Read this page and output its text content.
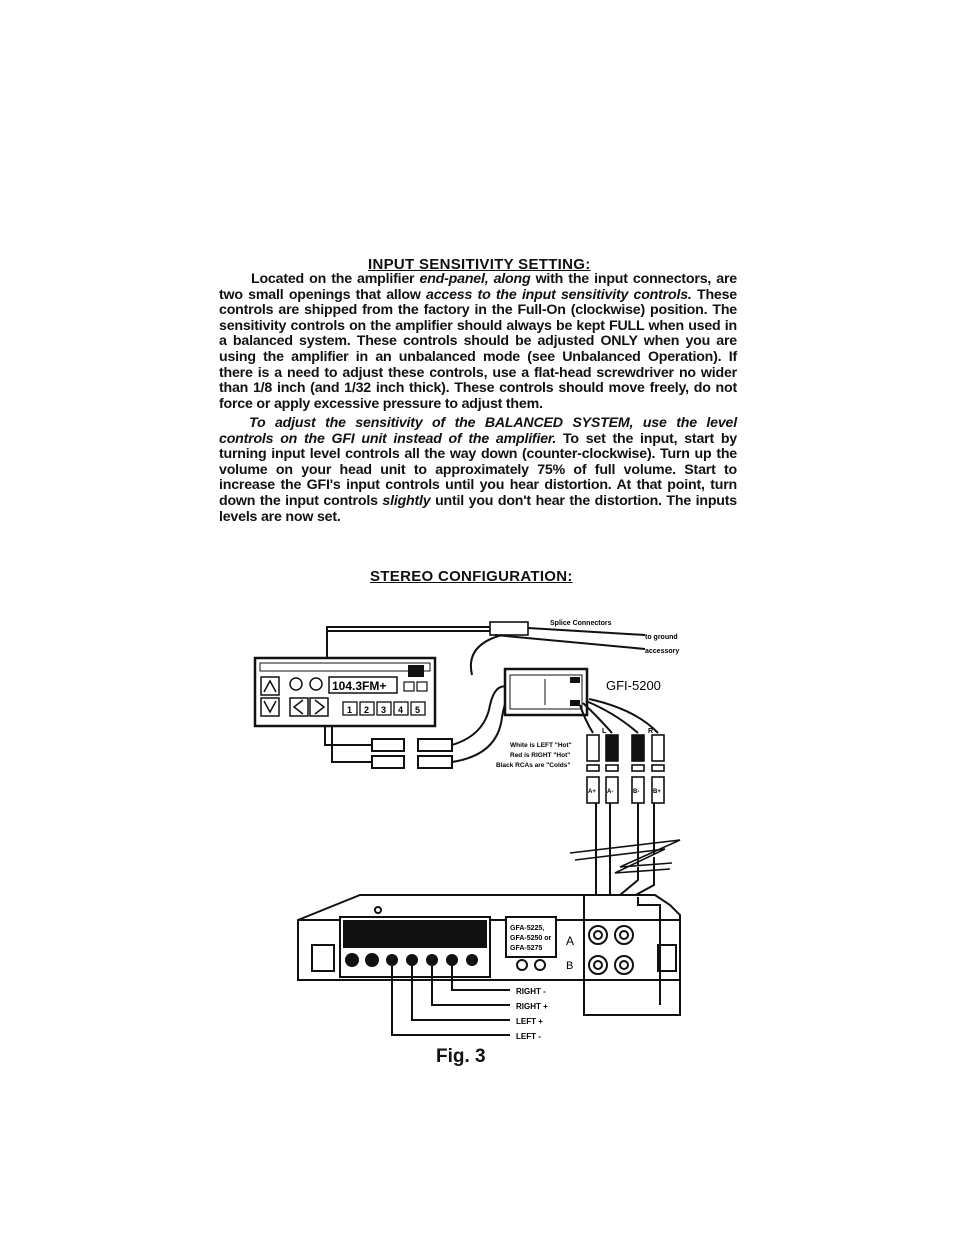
INPUT SENSITIVITY SETTING:
Located on the amplifier end-panel, along with the input connectors, are two small openings that allow access to the input sensitivity controls. These controls are shipped from the factory in the Full-On (clockwise) position. The sensitivity controls on the amplifier should always be kept FULL when used in a balanced system. These controls should be adjusted ONLY when you are using the amplifier in an unbalanced mode (see Unbalanced Operation). If there is a need to adjust these controls, use a flat-head screwdriver no wider than 1/8 inch (and 1/32 inch thick). These controls should move freely, do not force or apply excessive pressure to adjust them.
To adjust the sensitivity of the BALANCED SYSTEM, use the level controls on the GFI unit instead of the amplifier. To set the input, start by turning input level controls all the way down (counter-clockwise). Turn up the volume on your head unit to approximately 75% of full volume. Start to increase the GFI's input controls until you hear distortion. At that point, turn down the input controls slightly until you don't hear the distortion. The inputs levels are now set.
STEREO CONFIGURATION:
Splice Connectors
to ground
accessory
104.3FM+
1 2 3 4 5
GFI-5200
L	R
A+ A-	B- B+
White is LEFT "Hot"
Red is RIGHT "Hot"
Black RCAs are "Colds"
GFA-5225,
GFA-5250 or
GFA-5275
A
B
RIGHT -
RIGHT +
LEFT +
LEFT -
Fig. 3
